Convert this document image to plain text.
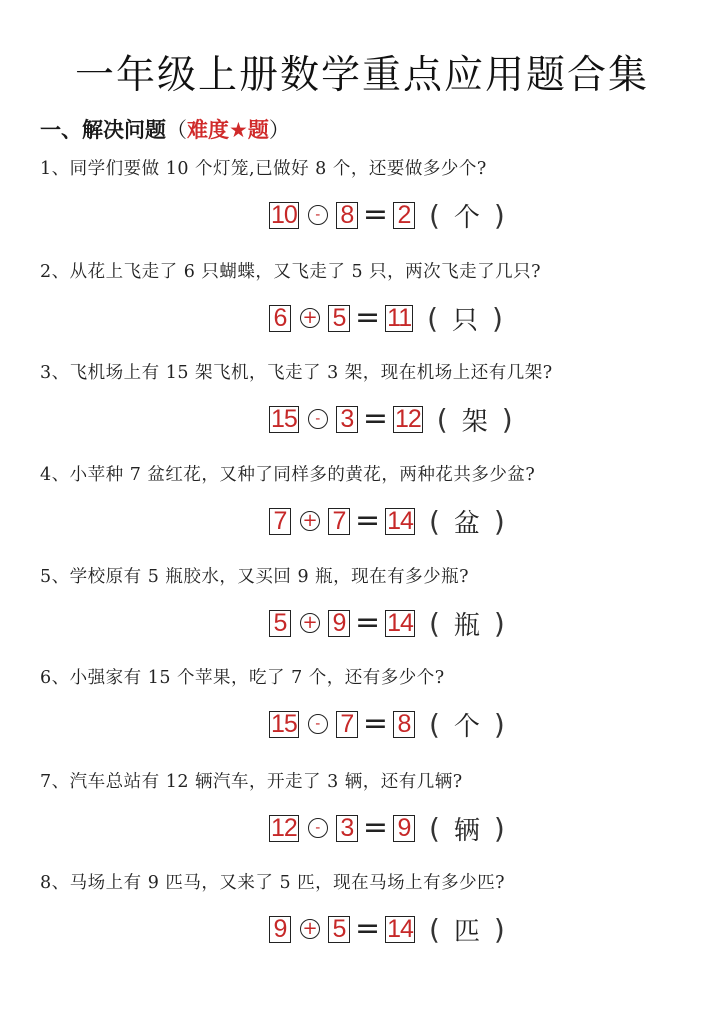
一年级上册数学重点应用题合集
一、解决问题（难度★题）
1、同学们要做 10 个灯笼,已做好 8 个，还要做多少个?
10	- 8 = 2 ( 个 )
2、从花上飞走了 6 只蝴蝶，又飞走了 5 只，两次飞走了几只?
6 + 5 = 11 ( 只 )
3、飞机场上有 15 架飞机，飞走了 3 架，现在机场上还有几架?
15	- 3 = 12 ( 架 )
4、小苹种 7 盆红花，又种了同样多的黄花，两种花共多少盆?
7 + 7 = 14 ( 盆 )
5、学校原有 5 瓶胶水，又买回 9 瓶，现在有多少瓶?
5 + 9 = 14 ( 瓶 )
6、小强家有 15 个苹果，吃了 7 个，还有多少个?
15	- 7 = 8 ( 个 )
7、汽车总站有 12 辆汽车，开走了 3 辆，还有几辆?
12	- 3 = 9 ( 辆 )
8、马场上有 9 匹马，又来了 5 匹，现在马场上有多少匹?
9 + 5 = 14 ( 匹 )
